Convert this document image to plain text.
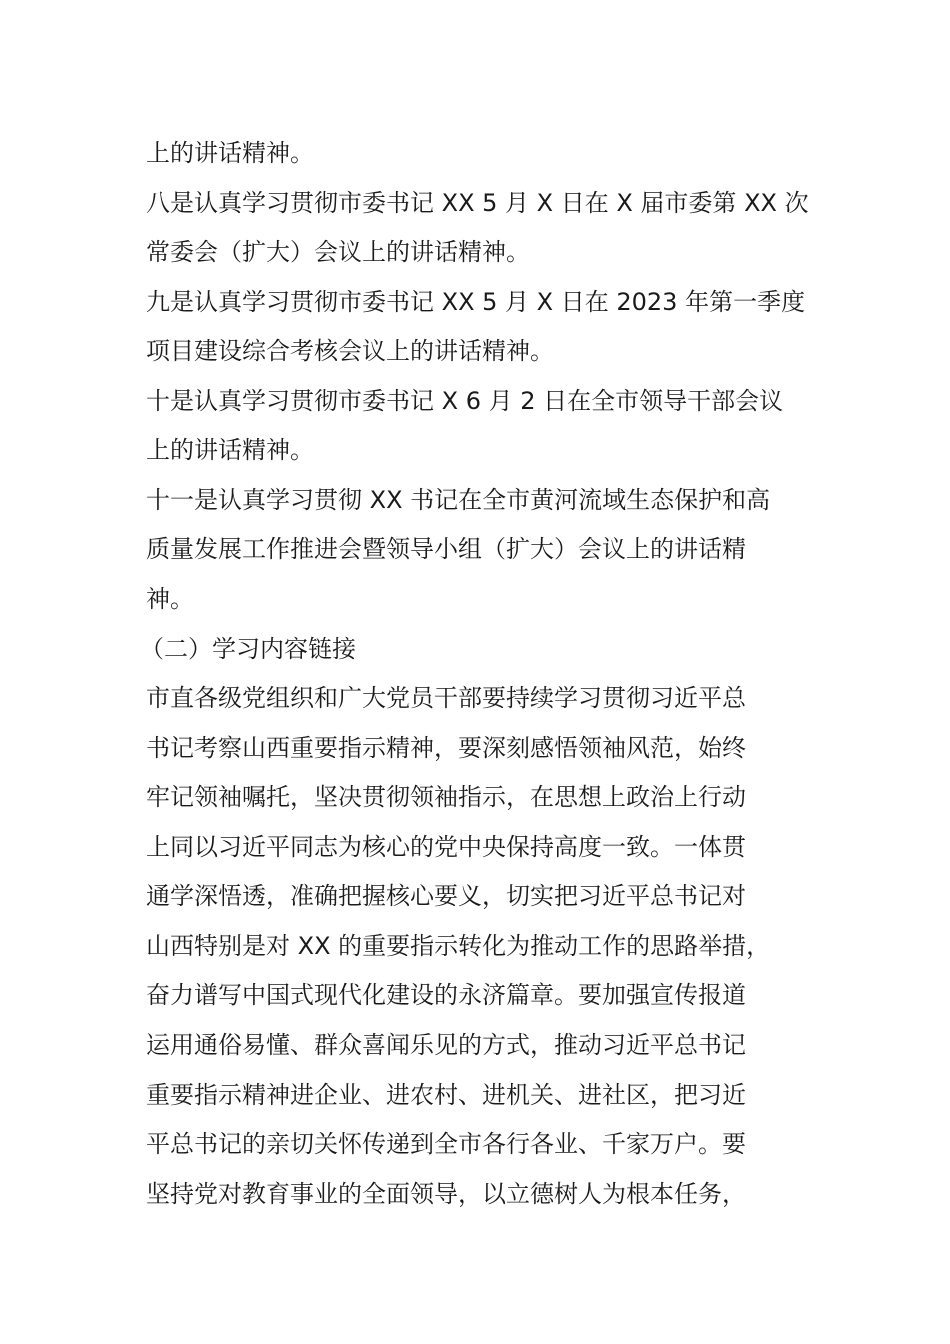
上的讲话精神。
八是认真学习贯彻市委书记 XX 5 月 X 日在 X 届市委第 XX 次
常委会（扩大）会议上的讲话精神。
九是认真学习贯彻市委书记 XX 5 月 X 日在 2023 年第一季度
项目建设综合考核会议上的讲话精神。
十是认真学习贯彻市委书记 X 6 月 2 日在全市领导干部会议
上的讲话精神。
十一是认真学习贯彻 XX 书记在全市黄河流域生态保护和高
质量发展工作推进会暨领导小组（扩大）会议上的讲话精
神。
（二）学习内容链接
市直各级党组织和广大党员干部要持续学习贯彻习近平总
书记考察山西重要指示精神，要深刻感悟领袖风范，始终
牢记领袖嘱托，坚决贯彻领袖指示，在思想上政治上行动
上同以习近平同志为核心的党中央保持高度一致。一体贯
通学深悟透，准确把握核心要义，切实把习近平总书记对
山西特别是对 XX 的重要指示转化为推动工作的思路举措，
奋力谱写中国式现代化建设的永济篇章。要加强宣传报道
运用通俗易懂、群众喜闻乐见的方式，推动习近平总书记
重要指示精神进企业、进农村、进机关、进社区，把习近
平总书记的亲切关怀传递到全市各行各业、千家万户。要
坚持党对教育事业的全面领导，以立德树人为根本任务，
